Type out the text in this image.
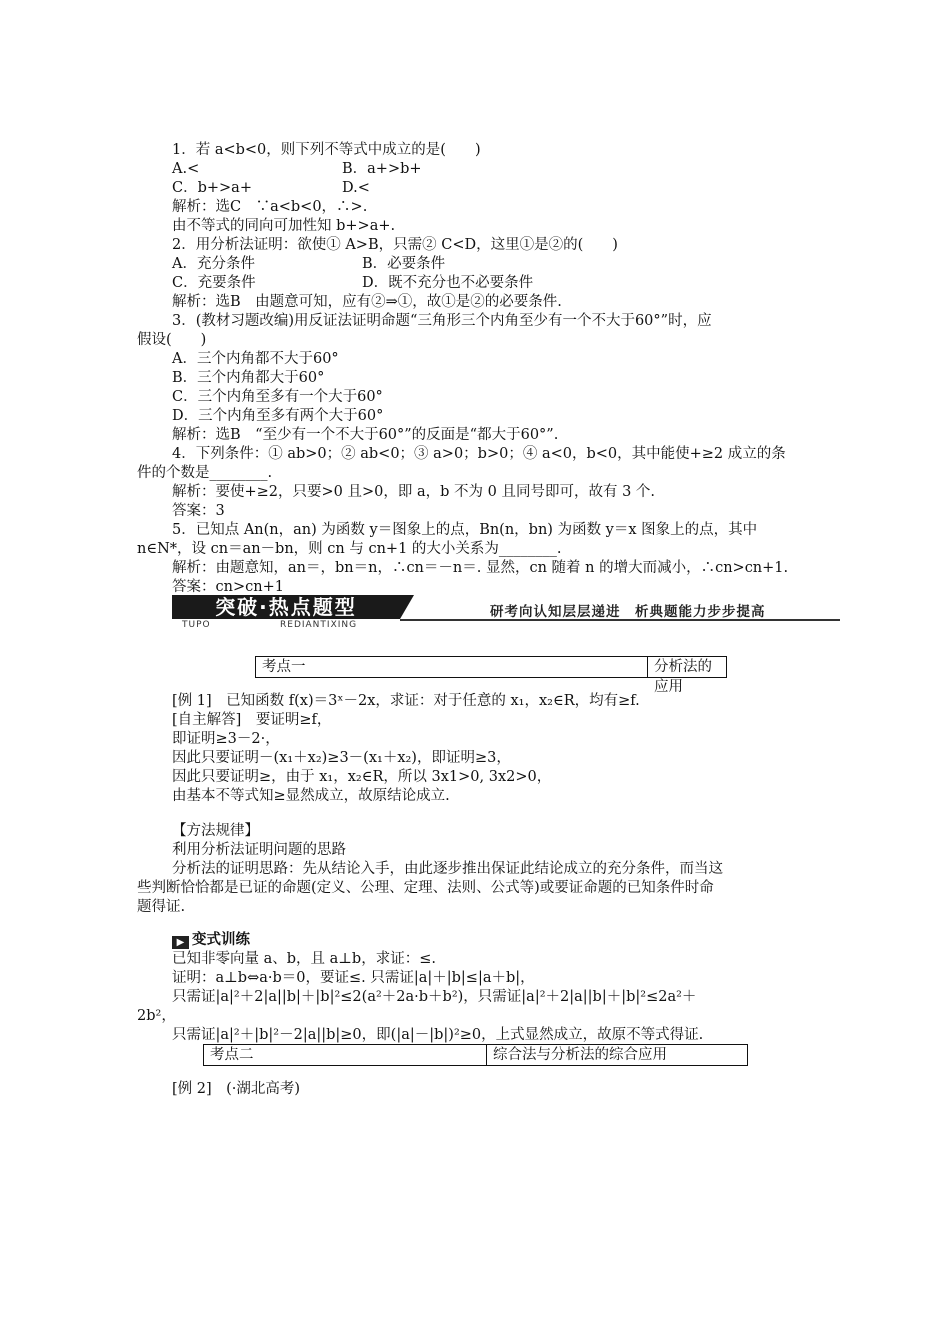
1．若 a<b<0，则下列不等式中成立的是(　　)
A.<	B．a+>b+
C．b+>a+	D.<
解析：选C　∵a<b<0，∴>.
由不等式的同向可加性知 b+>a+.
2．用分析法证明：欲使① A>B，只需② C<D，这里①是②的(　　)
A．充分条件	B．必要条件
C．充要条件	D．既不充分也不必要条件
解析：选B　由题意可知，应有②⇒①，故①是②的必要条件.
3．(教材习题改编)用反证法证明命题“三角形三个内角至少有一个不大于60°”时，应
假设(　　)
A．三个内角都不大于60°
B．三个内角都大于60°
C．三个内角至多有一个大于60°
D．三个内角至多有两个大于60°
解析：选B　“至少有一个不大于60°”的反面是“都大于60°”.
4．下列条件：① ab>0；② ab<0；③ a>0；b>0；④ a<0，b<0，其中能使+≥2 成立的条
件的个数是________.
解析：要使+≥2，只要>0 且>0，即 a，b 不为 0 且同号即可，故有 3 个.
答案：3
5．已知点 An(n，an) 为函数 y＝图象上的点，Bn(n，bn) 为函数 y＝x 图象上的点，其中
n∈N*，设 cn＝an－bn，则 cn 与 cn+1 的大小关系为________.
解析：由题意知，an＝，bn＝n，∴cn＝－n＝. 显然，cn 随着 n 的增大而减小，∴cn>cn+1.
答案：cn>cn+1
突破·热点题型
TUPO	REDIANTIXING
研考向认知层层递进　析典题能力步步提高
考点一	分析法的应用
[例 1]　已知函数 f(x)＝3ˣ－2x，求证：对于任意的 x₁，x₂∈R，均有≥f.
[自主解答]　要证明≥f，
即证明≥3－2·，
因此只要证明－(x₁＋x₂)≥3－(x₁＋x₂)，即证明≥3，
因此只要证明≥，由于 x₁，x₂∈R，所以 3x1>0, 3x2>0，
由基本不等式知≥显然成立，故原结论成立.
【方法规律】
利用分析法证明问题的思路
分析法的证明思路：先从结论入手，由此逐步推出保证此结论成立的充分条件，而当这
些判断恰恰都是已证的命题(定义、公理、定理、法则、公式等)或要证命题的已知条件时命
题得证.
▶ 变式训练
已知非零向量 a、b，且 a⊥b，求证：≤.
证明：a⊥b⇔a·b＝0，要证≤. 只需证|a|＋|b|≤|a＋b|，
只需证|a|²＋2|a||b|＋|b|²≤2(a²＋2a·b＋b²)，只需证|a|²＋2|a||b|＋|b|²≤2a²＋
2b²，
只需证|a|²＋|b|²－2|a||b|≥0，即(|a|－|b|)²≥0，上式显然成立，故原不等式得证.
考点二	综合法与分析法的综合应用
[例 2]　(·湖北高考)
